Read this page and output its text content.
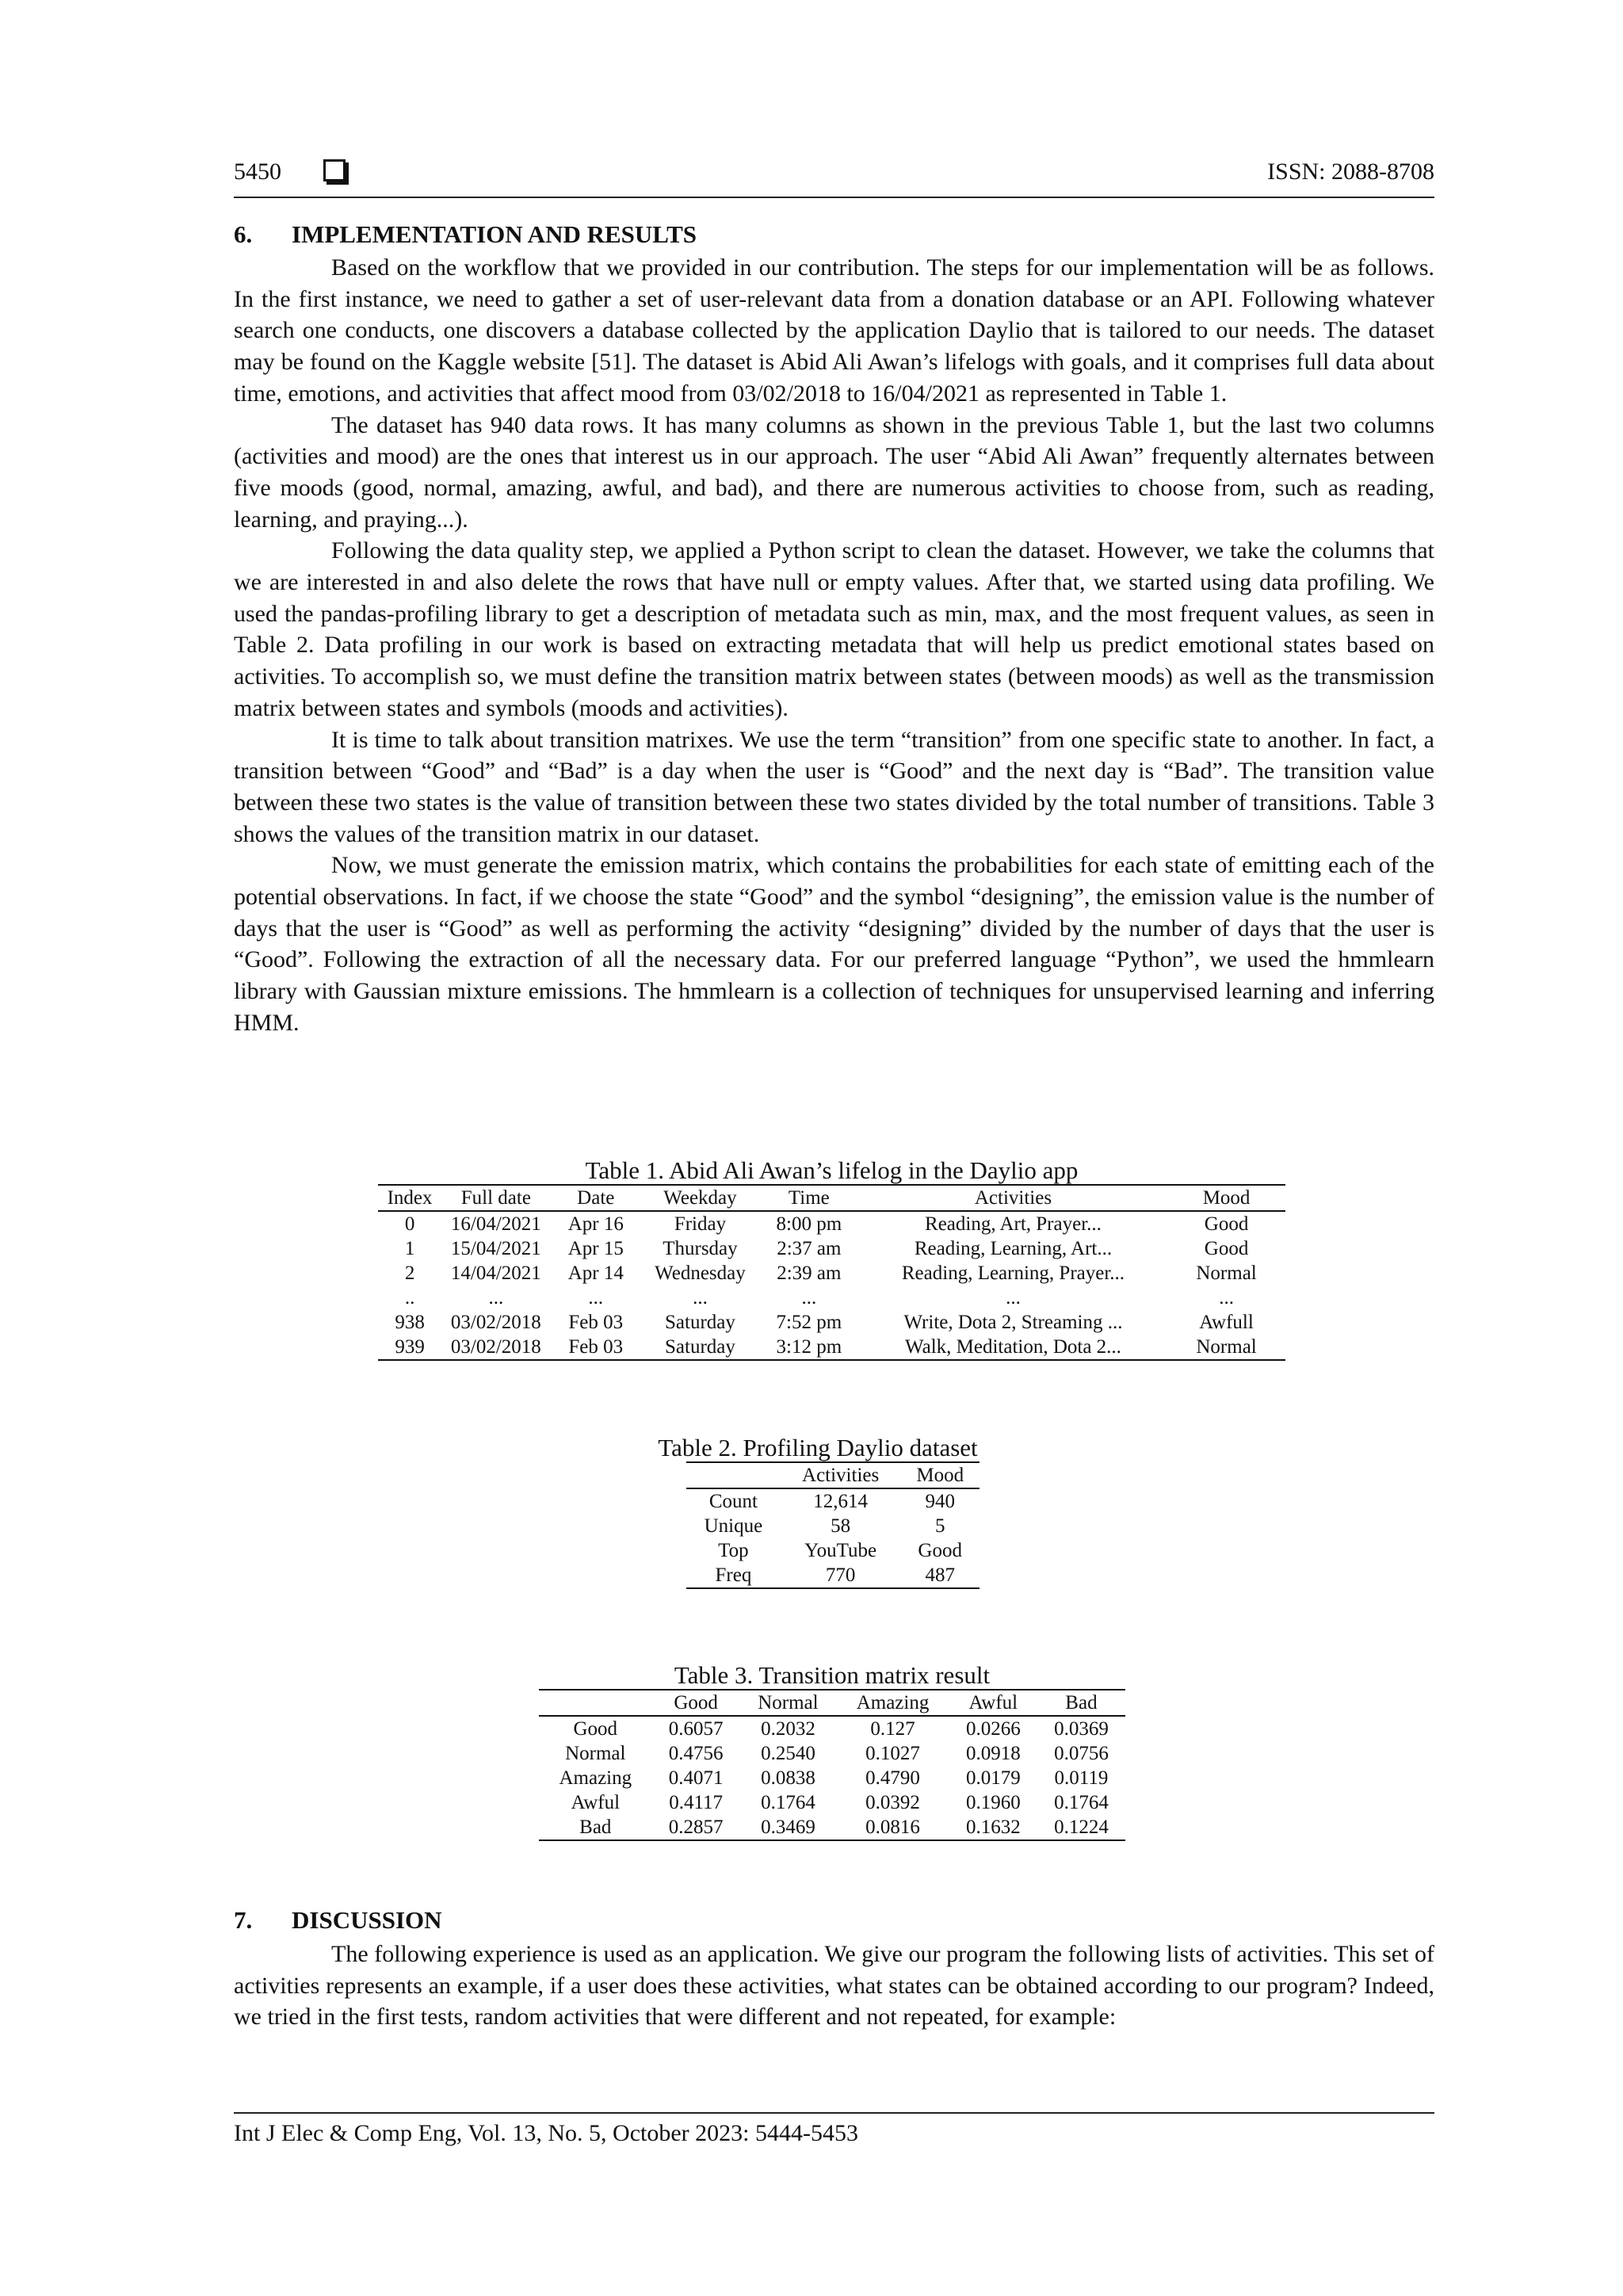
5450	ISSN: 2088-8708
6. IMPLEMENTATION AND RESULTS

Based on the workflow that we provided in our contribution. The steps for our implementation will be as follows. In the first instance, we need to gather a set of user-relevant data from a donation database or an API. Following whatever search one conducts, one discovers a database collected by the application Daylio that is tailored to our needs. The dataset may be found on the Kaggle website [51]. The dataset is Abid Ali Awan’s lifelogs with goals, and it comprises full data about time, emotions, and activities that affect mood from 03/02/2018 to 16/04/2021 as represented in Table 1.

The dataset has 940 data rows. It has many columns as shown in the previous Table 1, but the last two columns (activities and mood) are the ones that interest us in our approach. The user “Abid Ali Awan” frequently alternates between five moods (good, normal, amazing, awful, and bad), and there are numerous activities to choose from, such as reading, learning, and praying...).

Following the data quality step, we applied a Python script to clean the dataset. However, we take the columns that we are interested in and also delete the rows that have null or empty values. After that, we started using data profiling. We used the pandas-profiling library to get a description of metadata such as min, max, and the most frequent values, as seen in Table 2. Data profiling in our work is based on extracting metadata that will help us predict emotional states based on activities. To accomplish so, we must define the transition matrix between states (between moods) as well as the transmission matrix between states and symbols (moods and activities).

It is time to talk about transition matrixes. We use the term “transition” from one specific state to another. In fact, a transition between “Good” and “Bad” is a day when the user is “Good” and the next day is “Bad”. The transition value between these two states is the value of transition between these two states divided by the total number of transitions. Table 3 shows the values of the transition matrix in our dataset.

Now, we must generate the emission matrix, which contains the probabilities for each state of emitting each of the potential observations. In fact, if we choose the state “Good” and the symbol “designing”, the emission value is the number of days that the user is “Good” as well as performing the activity “designing” divided by the number of days that the user is “Good”. Following the extraction of all the necessary data. For our preferred language “Python”, we used the hmmlearn library with Gaussian mixture emissions. The hmmlearn is a collection of techniques for unsupervised learning and inferring HMM.

Table 1. Abid Ali Awan’s lifelog in the Daylio app
Index	Full date	Date	Weekday	Time	Activities	Mood
0	16/04/2021	Apr 16	Friday	8:00 pm	Reading, Art, Prayer...	Good
1	15/04/2021	Apr 15	Thursday	2:37 am	Reading, Learning, Art...	Good
2	14/04/2021	Apr 14	Wednesday	2:39 am	Reading, Learning, Prayer...	Normal
..	...	...	...	...	...	...
938	03/02/2018	Feb 03	Saturday	7:52 pm	Write, Dota 2, Streaming ...	Awfull
939	03/02/2018	Feb 03	Saturday	3:12 pm	Walk, Meditation, Dota 2...	Normal
Table 2. Profiling Daylio dataset
	Activities	Mood
Count	12,614	940
Unique	58	5
Top	YouTube	Good
Freq	770	487
Table 3. Transition matrix result
	Good	Normal	Amazing	Awful	Bad
Good	0.6057	0.2032	0.127	0.0266	0.0369
Normal	0.4756	0.2540	0.1027	0.0918	0.0756
Amazing	0.4071	0.0838	0.4790	0.0179	0.0119
Awful	0.4117	0.1764	0.0392	0.1960	0.1764
Bad	0.2857	0.3469	0.0816	0.1632	0.1224
7. DISCUSSION

The following experience is used as an application. We give our program the following lists of activities. This set of activities represents an example, if a user does these activities, what states can be obtained according to our program? Indeed, we tried in the first tests, random activities that were different and not repeated, for example:

Int J Elec & Comp Eng, Vol. 13, No. 5, October 2023: 5444-5453
